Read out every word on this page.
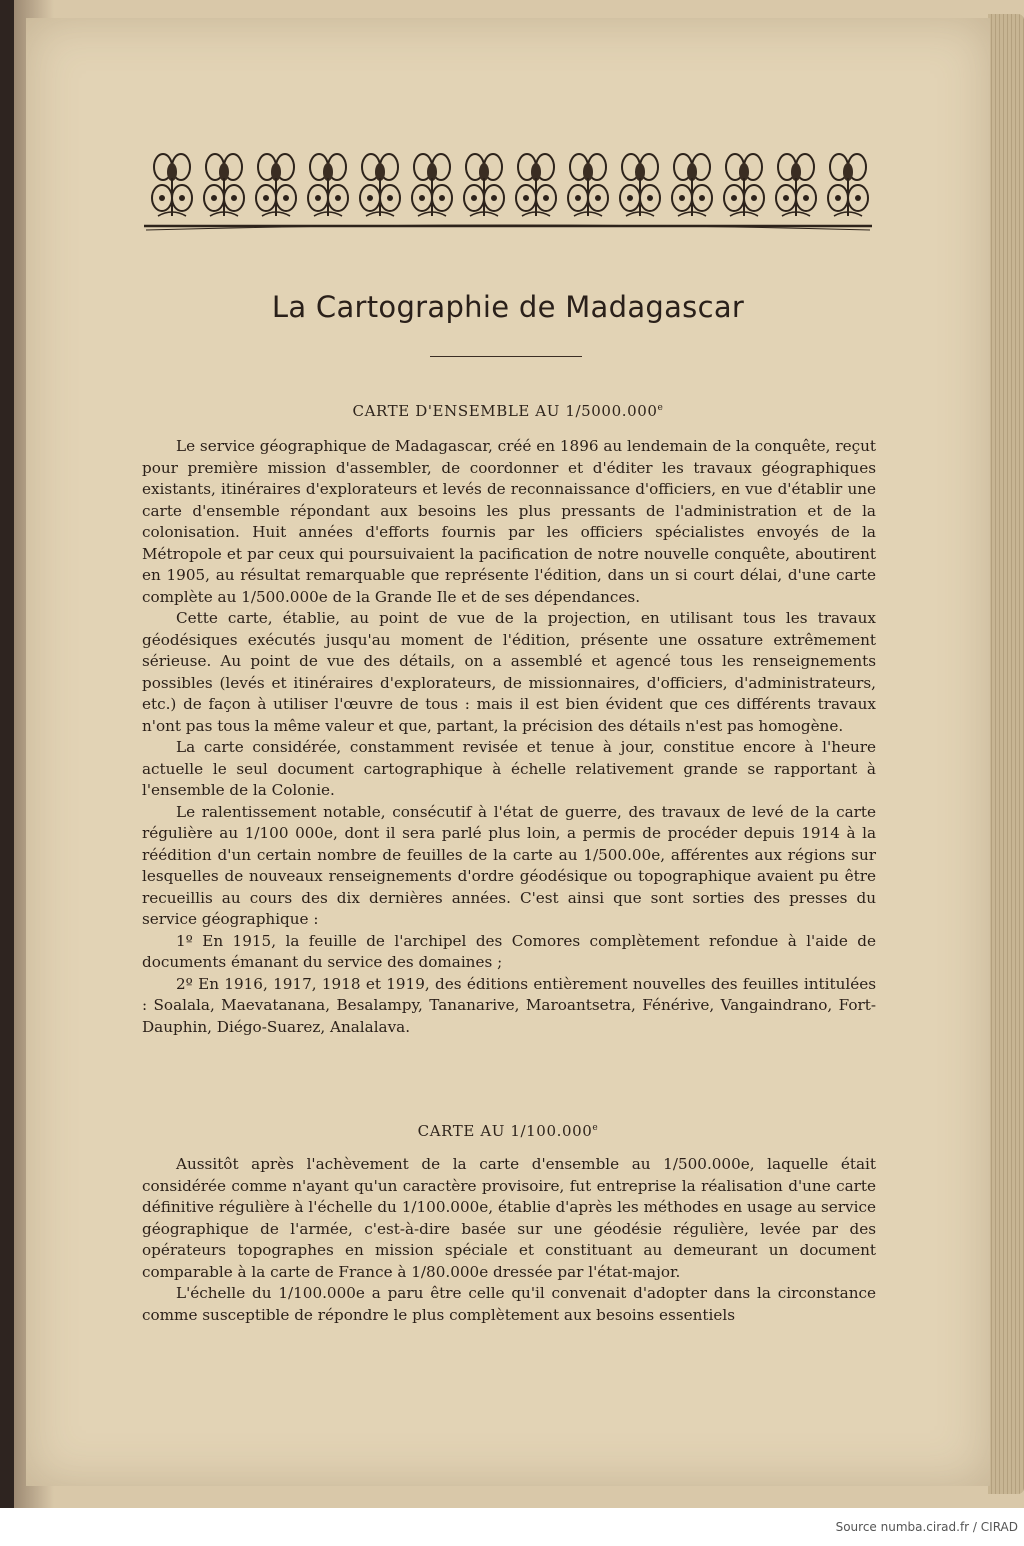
La Cartographie de Madagascar
CARTE D'ENSEMBLE AU 1/5000.000e

Le service géographique de Madagascar, créé en 1896 au lendemain de la conquête, reçut pour première mission d'assembler, de coordonner et d'éditer les travaux géographiques existants, itinéraires d'explorateurs et levés de reconnaissance d'officiers, en vue d'établir une carte d'ensemble répondant aux besoins les plus pressants de l'administration et de la colonisation. Huit années d'efforts fournis par les officiers spécialistes envoyés de la Métropole et par ceux qui poursuivaient la pacification de notre nouvelle conquête, aboutirent en 1905, au résultat remarquable que représente l'édition, dans un si court délai, d'une carte complète au 1/500.000e de la Grande Ile et de ses dépendances.

Cette carte, établie, au point de vue de la projection, en utilisant tous les travaux géodésiques exécutés jusqu'au moment de l'édition, présente une ossature extrêmement sérieuse. Au point de vue des détails, on a assemblé et agencé tous les renseignements possibles (levés et itinéraires d'explorateurs, de missionnaires, d'officiers, d'administrateurs, etc.) de façon à utiliser l'œuvre de tous : mais il est bien évident que ces différents travaux n'ont pas tous la même valeur et que, partant, la précision des détails n'est pas homogène.

La carte considérée, constamment revisée et tenue à jour, constitue encore à l'heure actuelle le seul document cartographique à échelle relativement grande se rapportant à l'ensemble de la Colonie.

Le ralentissement notable, consécutif à l'état de guerre, des travaux de levé de la carte régulière au 1/100 000e, dont il sera parlé plus loin, a permis de procéder depuis 1914 à la réédition d'un certain nombre de feuilles de la carte au 1/500.00e, afférentes aux régions sur lesquelles de nouveaux renseignements d'ordre géodésique ou topographique avaient pu être recueillis au cours des dix dernières années. C'est ainsi que sont sorties des presses du service géographique :

1º En 1915, la feuille de l'archipel des Comores complètement refondue à l'aide de documents émanant du service des domaines ;

2º En 1916, 1917, 1918 et 1919, des éditions entièrement nouvelles des feuilles intitulées : Soalala, Maevatanana, Besalampy, Tananarive, Maroantsetra, Fénérive, Vangaindrano, Fort-Dauphin, Diégo-Suarez, Analalava.

CARTE AU 1/100.000e

Aussitôt après l'achèvement de la carte d'ensemble au 1/500.000e, laquelle était considérée comme n'ayant qu'un caractère provisoire, fut entreprise la réalisation d'une carte définitive régulière à l'échelle du 1/100.000e, établie d'après les méthodes en usage au service géographique de l'armée, c'est-à-dire basée sur une géodésie régulière, levée par des opérateurs topographes en mission spéciale et constituant au demeurant un document comparable à la carte de France à 1/80.000e dressée par l'état-major.

L'échelle du 1/100.000e a paru être celle qu'il convenait d'adopter dans la circonstance comme susceptible de répondre le plus complètement aux besoins essentiels

Source numba.cirad.fr / CIRAD
